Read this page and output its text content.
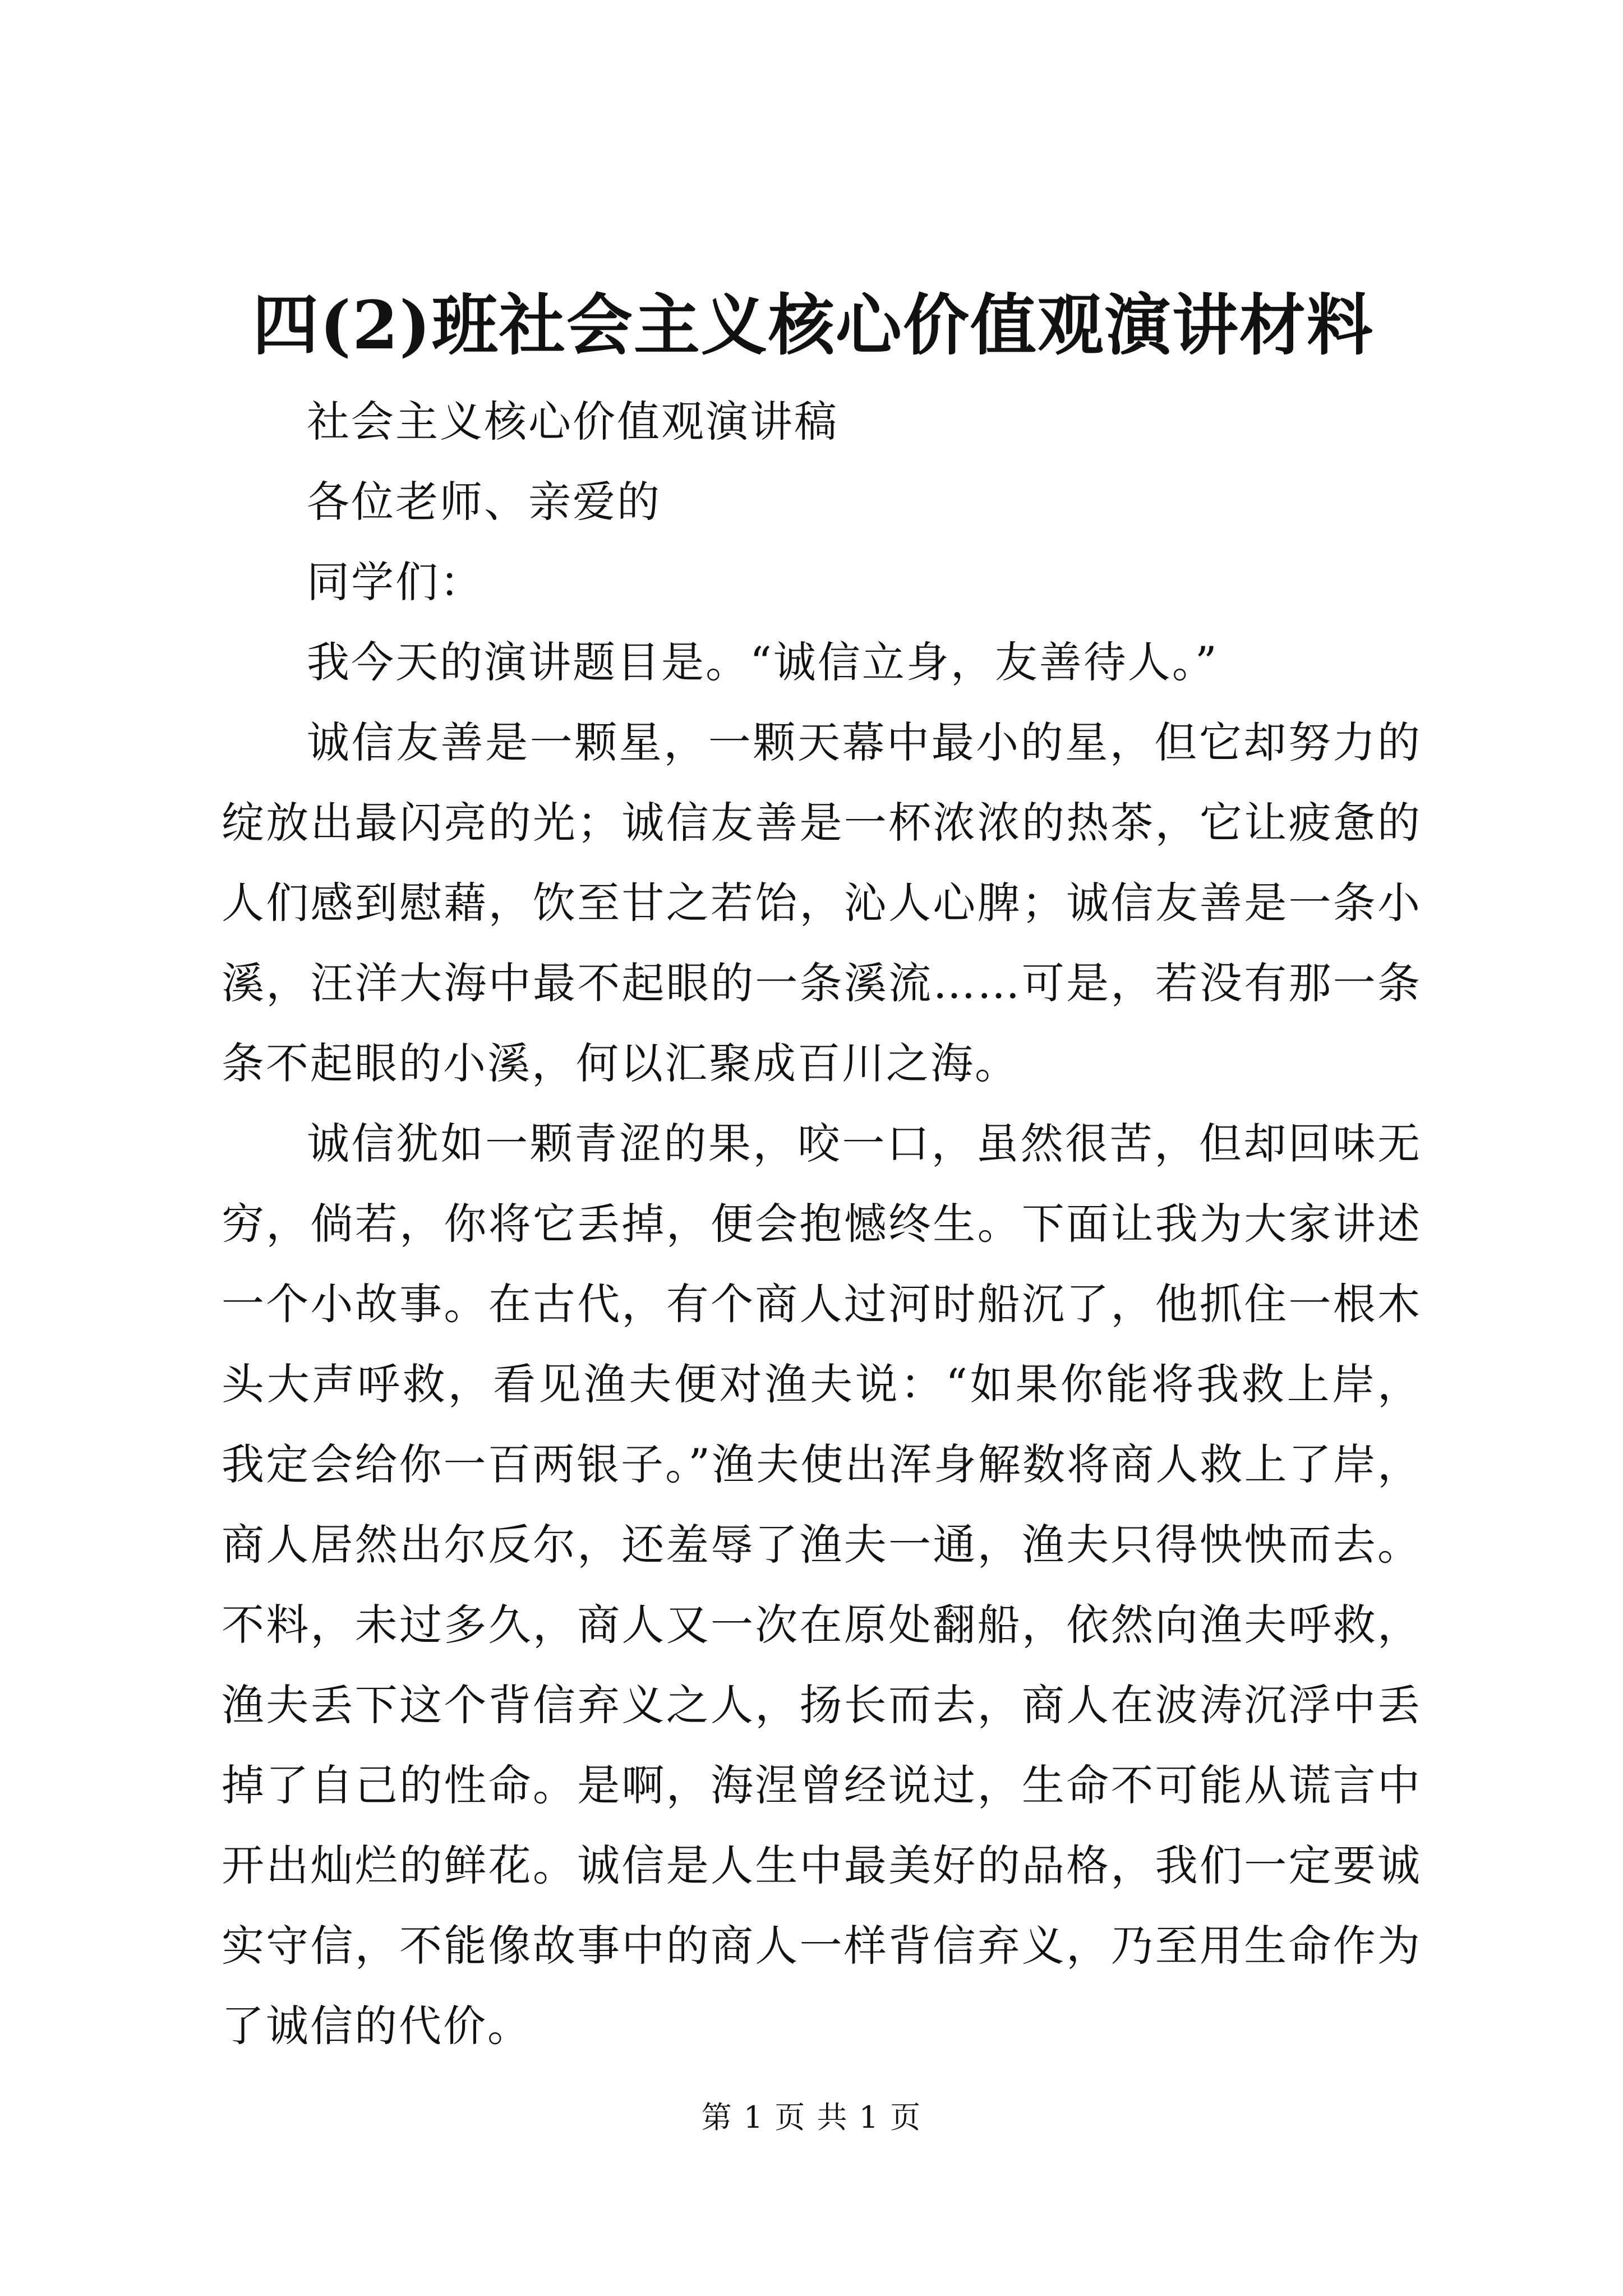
四(2)班社会主义核心价值观演讲材料

社会主义核心价值观演讲稿

各位老师、亲爱的

同学们：

我今天的演讲题目是。“诚信立身，友善待人。”

诚信友善是一颗星，一颗天幕中最小的星，但它却努力的绽放出最闪亮的光；诚信友善是一杯浓浓的热茶，它让疲惫的人们感到慰藉，饮至甘之若饴，沁人心脾；诚信友善是一条小溪，汪洋大海中最不起眼的一条溪流……可是，若没有那一条条不起眼的小溪，何以汇聚成百川之海。

诚信犹如一颗青涩的果，咬一口，虽然很苦，但却回味无穷，倘若，你将它丢掉，便会抱憾终生。下面让我为大家讲述一个小故事。在古代，有个商人过河时船沉了，他抓住一根木头大声呼救，看见渔夫便对渔夫说：“如果你能将我救上岸，我定会给你一百两银子。”渔夫使出浑身解数将商人救上了岸，商人居然出尔反尔，还羞辱了渔夫一通，渔夫只得怏怏而去。不料，未过多久，商人又一次在原处翻船，依然向渔夫呼救，渔夫丢下这个背信弃义之人，扬长而去，商人在波涛沉浮中丢掉了自己的性命。是啊，海涅曾经说过，生命不可能从谎言中开出灿烂的鲜花。诚信是人生中最美好的品格，我们一定要诚实守信，不能像故事中的商人一样背信弃义，乃至用生命作为了诚信的代价。

第 1 页 共 1 页
